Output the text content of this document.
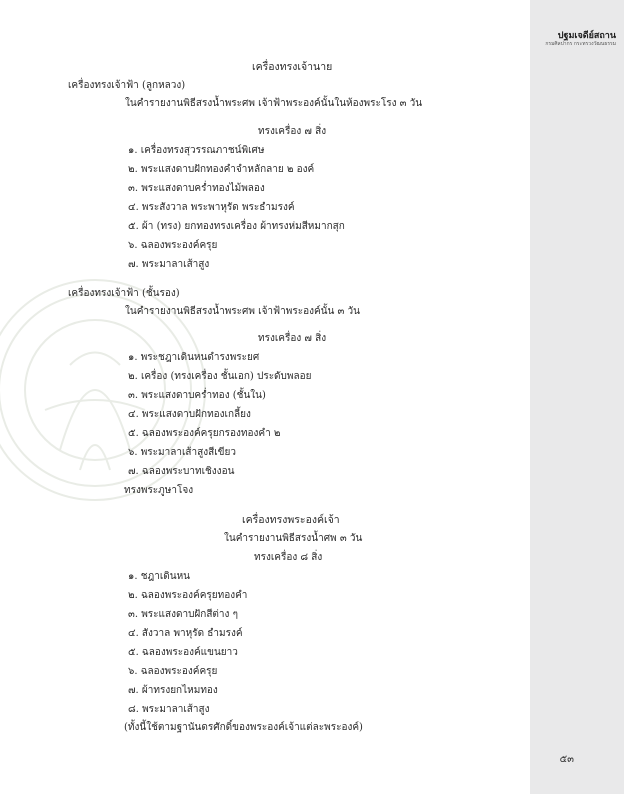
เครื่องทรงเจ้านาย
เครื่องทรงเจ้าฟ้า (ลูกหลวง)
ในคำรายงานพิธีสรงน้ำพระศพ เจ้าฟ้าพระองค์นั้นในห้องพระโรง ๓ วัน
ทรงเครื่อง ๗ สิ่ง
๑. เครื่องทรงสุวรรณภาชน์พิเศษ
๒. พระแสงดาบฝักทองคำจำหลักลาย ๒ องค์
๓. พระแสงดาบคร่ำทองไม้พลอง
๔. พระสังวาล พระพาหุรัด พระธำมรงค์
๕. ผ้า (ทรง) ยกทองทรงเครื่อง ผ้าทรงห่มสีหมากสุก
๖. ฉลองพระองค์ครุย
๗. พระมาลาเส้าสูง
เครื่องทรงเจ้าฟ้า (ชั้นรอง)
ในคำรายงานพิธีสรงน้ำพระศพ เจ้าฟ้าพระองค์นั้น ๓ วัน
ทรงเครื่อง ๗ สิ่ง
๑. พระชฎาเดินหนดำรงพระยศ
๒. เครื่อง (ทรงเครื่อง ชั้นเอก) ประดับพลอย
๓. พระแสงดาบคร่ำทอง (ชั้นใน)
๔. พระแสงดาบฝักทองเกลี้ยง
๕. ฉลองพระองค์ครุยกรองทองคำ ๒
๖. พระมาลาเส้าสูงสีเขียว
๗. ฉลองพระบาทเชิงงอน
ทรงพระภูษาโจง
เครื่องทรงพระองค์เจ้า
ในคำรายงานพิธีสรงน้ำศพ ๓ วัน
ทรงเครื่อง ๘ สิ่ง
๑. ชฎาเดินหน
๒. ฉลองพระองค์ครุยทองคำ
๓. พระแสงดาบฝักสีต่าง ๆ
๔. สังวาล พาหุรัด ธำมรงค์
๕. ฉลองพระองค์แขนยาว
๖. ฉลองพระองค์ครุย
๗. ผ้าทรงยกไหมทอง
๘. พระมาลาเส้าสูง
(ทั้งนี้ใช้ตามฐานันดรศักดิ์ของพระองค์เจ้าแต่ละพระองค์)
ปฐมเจดีย์สถาน
กรมศิลปากร กระทรวงวัฒนธรรม
๕๓
